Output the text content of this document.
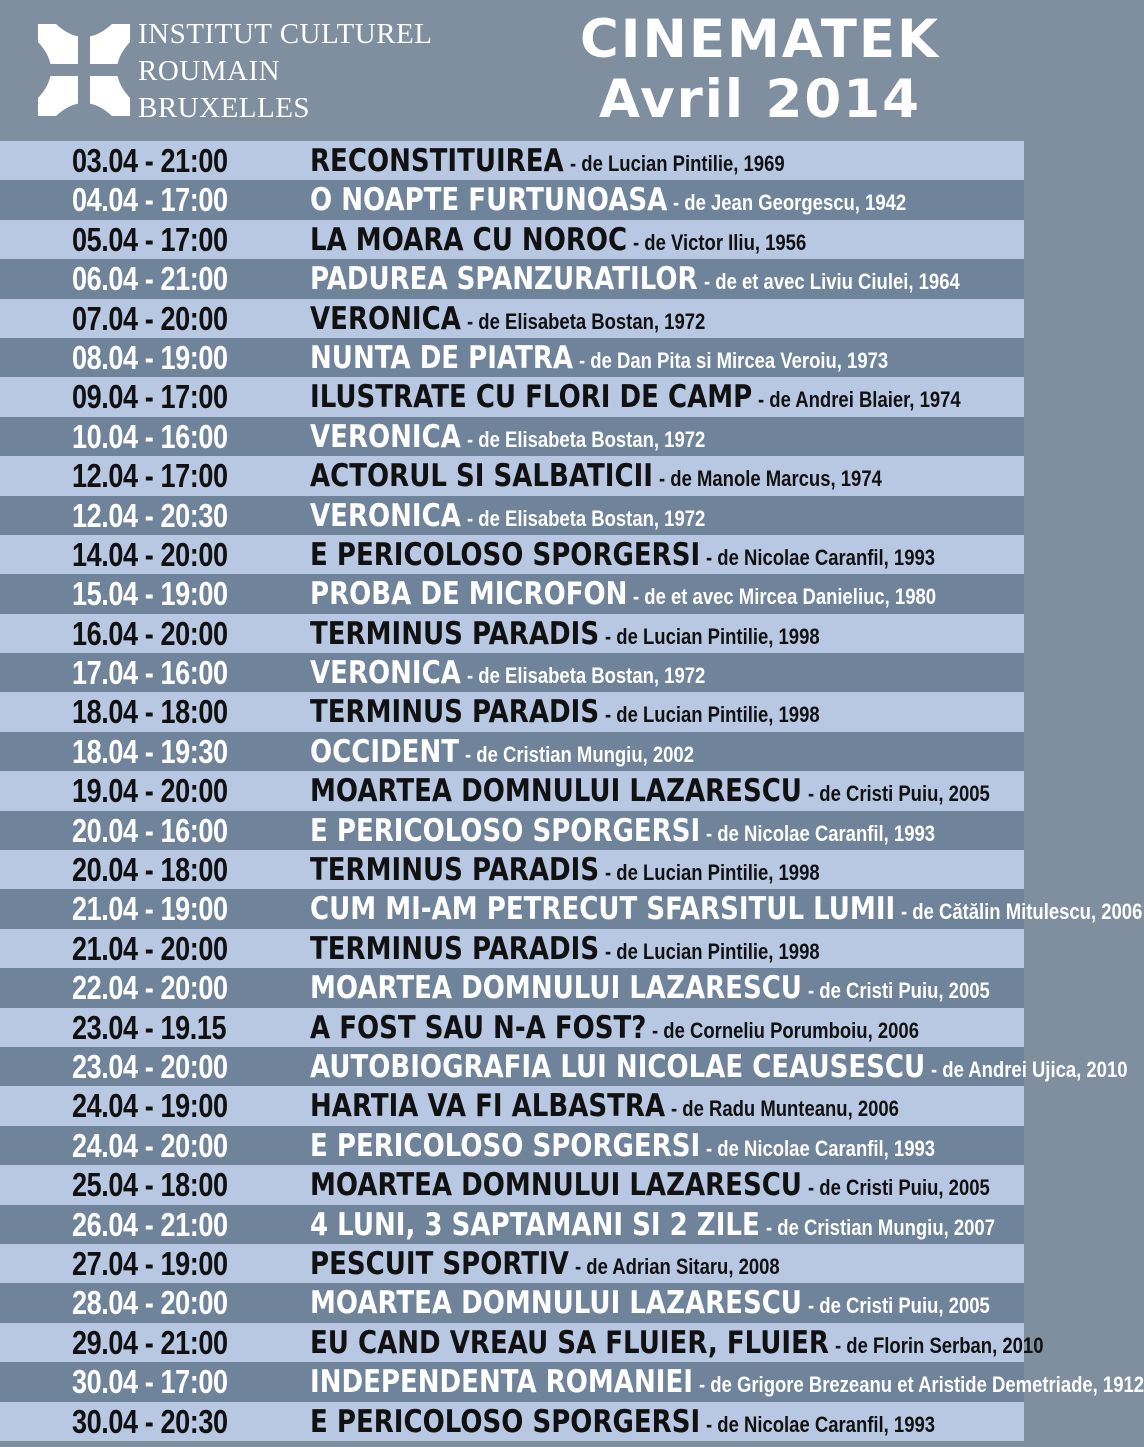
INSTITUT CULTUREL
ROUMAIN
BRUXELLES
CINEMATEK
Avril 2014
03.04 - 21:00	RECONSTITUIREA - de Lucian Pintilie, 1969
04.04 - 17:00	O NOAPTE FURTUNOASA - de Jean Georgescu, 1942
05.04 - 17:00	LA MOARA CU NOROC - de Victor Iliu, 1956
06.04 - 21:00	PADUREA SPANZURATILOR - de et avec Liviu Ciulei, 1964
07.04 - 20:00	VERONICA - de Elisabeta Bostan, 1972
08.04 - 19:00	NUNTA DE PIATRA - de Dan Pita si Mircea Veroiu, 1973
09.04 - 17:00	ILUSTRATE CU FLORI DE CAMP - de Andrei Blaier, 1974
10.04 - 16:00	VERONICA - de Elisabeta Bostan, 1972
12.04 - 17:00	ACTORUL SI SALBATICII - de Manole Marcus, 1974
12.04 - 20:30	VERONICA - de Elisabeta Bostan, 1972
14.04 - 20:00	E PERICOLOSO SPORGERSI - de Nicolae Caranfil, 1993
15.04 - 19:00	PROBA DE MICROFON - de et avec Mircea Danieliuc, 1980
16.04 - 20:00	TERMINUS PARADIS - de Lucian Pintilie, 1998
17.04 - 16:00	VERONICA - de Elisabeta Bostan, 1972
18.04 - 18:00	TERMINUS PARADIS - de Lucian Pintilie, 1998
18.04 - 19:30	OCCIDENT - de Cristian Mungiu, 2002
19.04 - 20:00	MOARTEA DOMNULUI LAZARESCU - de Cristi Puiu, 2005
20.04 - 16:00	E PERICOLOSO SPORGERSI - de Nicolae Caranfil, 1993
20.04 - 18:00	TERMINUS PARADIS - de Lucian Pintilie, 1998
21.04 - 19:00	CUM MI-AM PETRECUT SFARSITUL LUMII - de Cătălin Mitulescu, 2006
21.04 - 20:00	TERMINUS PARADIS - de Lucian Pintilie, 1998
22.04 - 20:00	MOARTEA DOMNULUI LAZARESCU - de Cristi Puiu, 2005
23.04 - 19.15	A FOST SAU N-A FOST? - de Corneliu Porumboiu, 2006
23.04 - 20:00	AUTOBIOGRAFIA LUI NICOLAE CEAUSESCU - de Andrei Ujica, 2010
24.04 - 19:00	HARTIA VA FI ALBASTRA - de Radu Munteanu, 2006
24.04 - 20:00	E PERICOLOSO SPORGERSI - de Nicolae Caranfil, 1993
25.04 - 18:00	MOARTEA DOMNULUI LAZARESCU - de Cristi Puiu, 2005
26.04 - 21:00	4 LUNI, 3 SAPTAMANI SI 2 ZILE - de Cristian Mungiu, 2007
27.04 - 19:00	PESCUIT SPORTIV - de Adrian Sitaru, 2008
28.04 - 20:00	MOARTEA DOMNULUI LAZARESCU - de Cristi Puiu, 2005
29.04 - 21:00	EU CAND VREAU SA FLUIER, FLUIER - de Florin Serban, 2010
30.04 - 17:00	INDEPENDENTA ROMANIEI - de Grigore Brezeanu et Aristide Demetriade, 1912
30.04 - 20:30	E PERICOLOSO SPORGERSI - de Nicolae Caranfil, 1993
